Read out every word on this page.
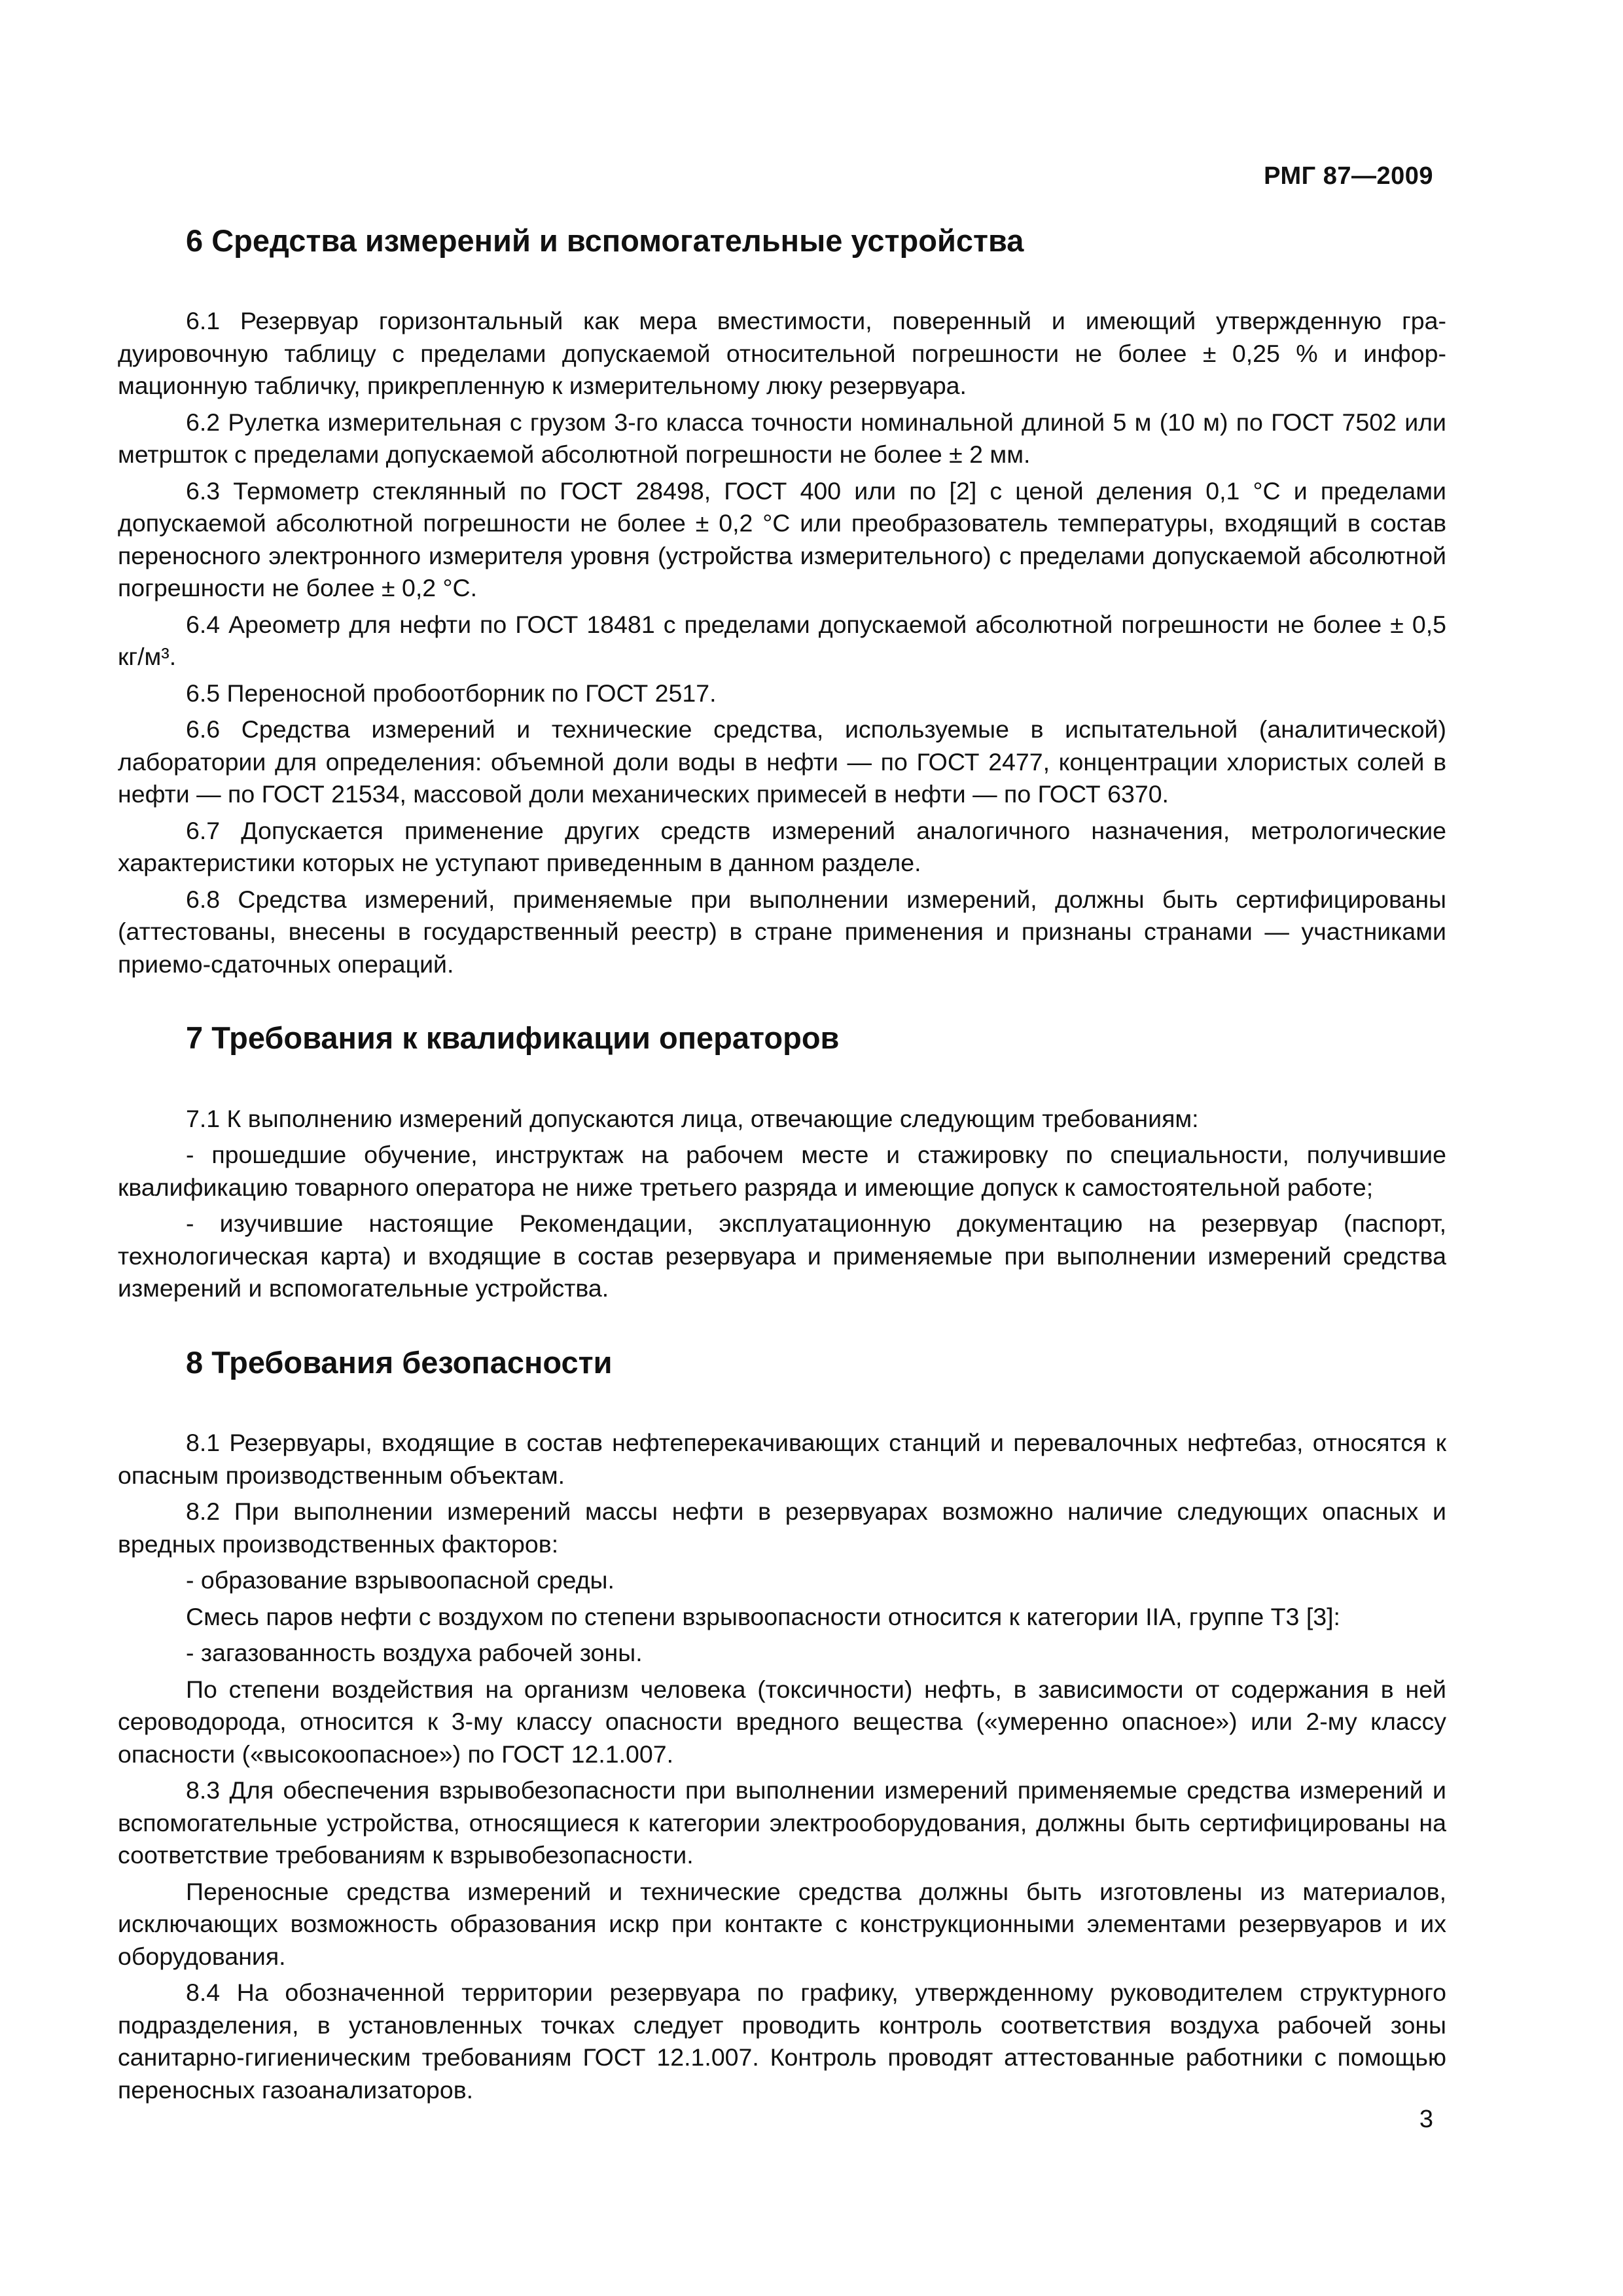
РМГ 87—2009
6 Средства измерений и вспомогательные устройства

6.1 Резервуар горизонтальный как мера вместимости, поверенный и имеющий утвержденную градуировочную таблицу с пределами допускаемой относительной погрешности не более ± 0,25 % и информационную табличку, прикрепленную к измерительному люку резервуара.

6.2 Рулетка измерительная с грузом 3-го класса точности номинальной длиной 5 м (10 м) по ГОСТ 7502 или метршток с пределами допускаемой абсолютной погрешности не более ± 2 мм.

6.3 Термометр стеклянный по ГОСТ 28498, ГОСТ 400 или по [2] с ценой деления 0,1 °С и пределами допускаемой абсолютной погрешности не более ± 0,2 °С или преобразователь температуры, входящий в состав переносного электронного измерителя уровня (устройства измерительного) с пределами допускаемой абсолютной погрешности не более ± 0,2 °С.

6.4 Ареометр для нефти по ГОСТ 18481 с пределами допускаемой абсолютной погрешности не более ± 0,5 кг/м³.

6.5 Переносной пробоотборник по ГОСТ 2517.

6.6 Средства измерений и технические средства, используемые в испытательной (аналитической) лаборатории для определения: объемной доли воды в нефти — по ГОСТ 2477, концентрации хлористых солей в нефти — по ГОСТ 21534, массовой доли механических примесей в нефти — по ГОСТ 6370.

6.7 Допускается применение других средств измерений аналогичного назначения, метрологические характеристики которых не уступают приведенным в данном разделе.

6.8 Средства измерений, применяемые при выполнении измерений, должны быть сертифицированы (аттестованы, внесены в государственный реестр) в стране применения и признаны странами — участниками приемо-сдаточных операций.

7 Требования к квалификации операторов

7.1 К выполнению измерений допускаются лица, отвечающие следующим требованиям:

- прошедшие обучение, инструктаж на рабочем месте и стажировку по специальности, получившие квалификацию товарного оператора не ниже третьего разряда и имеющие допуск к самостоятельной работе;

- изучившие настоящие Рекомендации, эксплуатационную документацию на резервуар (паспорт, технологическая карта) и входящие в состав резервуара и применяемые при выполнении измерений средства измерений и вспомогательные устройства.

8 Требования безопасности

8.1 Резервуары, входящие в состав нефтеперекачивающих станций и перевалочных нефтебаз, относятся к опасным производственным объектам.

8.2 При выполнении измерений массы нефти в резервуарах возможно наличие следующих опасных и вредных производственных факторов:

- образование взрывоопасной среды.

Смесь паров нефти с воздухом по степени взрывоопасности относится к категории IIA, группе Т3 [3]:

- загазованность воздуха рабочей зоны.

По степени воздействия на организм человека (токсичности) нефть, в зависимости от содержания в ней сероводорода, относится к 3-му классу опасности вредного вещества («умеренно опасное») или 2-му классу опасности («высокоопасное») по ГОСТ 12.1.007.

8.3 Для обеспечения взрывобезопасности при выполнении измерений применяемые средства измерений и вспомогательные устройства, относящиеся к категории электрооборудования, должны быть сертифицированы на соответствие требованиям к взрывобезопасности.

Переносные средства измерений и технические средства должны быть изготовлены из материалов, исключающих возможность образования искр при контакте с конструкционными элементами резервуаров и их оборудования.

8.4 На обозначенной территории резервуара по графику, утвержденному руководителем структурного подразделения, в установленных точках следует проводить контроль соответствия воздуха рабочей зоны санитарно-гигиеническим требованиям ГОСТ 12.1.007. Контроль проводят аттестованные работники с помощью переносных газоанализаторов.

3
